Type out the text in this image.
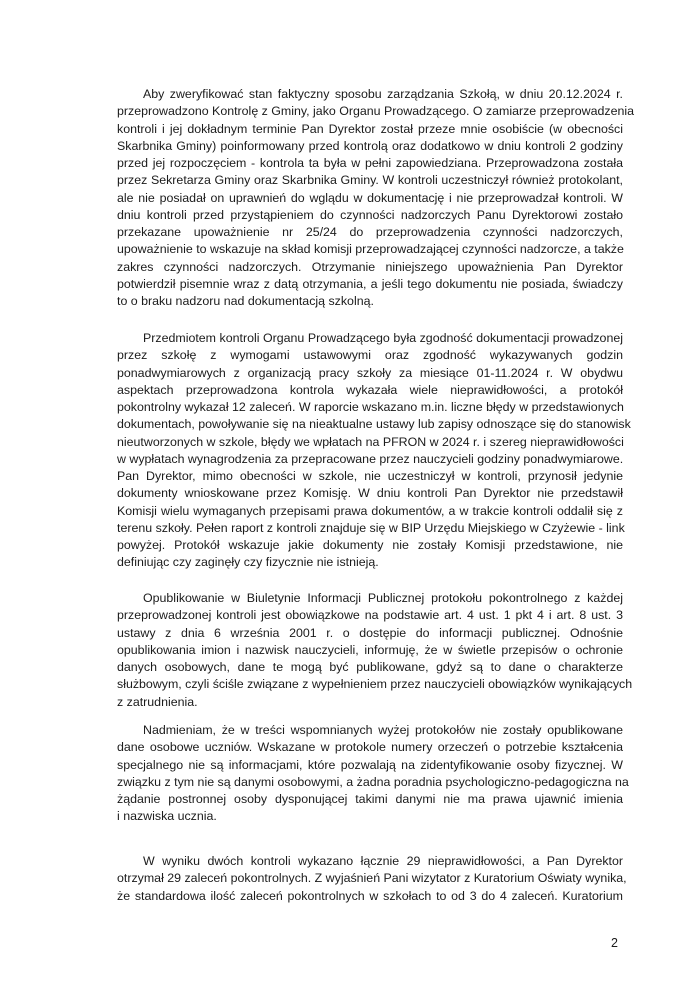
Aby zweryfikować stan faktyczny sposobu zarządzania Szkołą, w dniu 20.12.2024 r.
przeprowadzono Kontrolę z Gminy, jako Organu Prowadzącego. O zamiarze przeprowadzenia
kontroli i jej dokładnym terminie Pan Dyrektor został przeze mnie osobiście (w obecności
Skarbnika Gminy) poinformowany przed kontrolą oraz dodatkowo w dniu kontroli 2 godziny
przed jej rozpoczęciem - kontrola ta była w pełni zapowiedziana. Przeprowadzona została
przez Sekretarza Gminy oraz Skarbnika Gminy. W kontroli uczestniczył również protokolant,
ale nie posiadał on uprawnień do wglądu w dokumentację i nie przeprowadzał kontroli. W
dniu kontroli przed przystąpieniem do czynności nadzorczych Panu Dyrektorowi zostało
przekazane upoważnienie nr 25/24 do przeprowadzenia czynności nadzorczych,
upoważnienie to wskazuje na skład komisji przeprowadzającej czynności nadzorcze, a także
zakres czynności nadzorczych. Otrzymanie niniejszego upoważnienia Pan Dyrektor
potwierdził pisemnie wraz z datą otrzymania, a jeśli tego dokumentu nie posiada, świadczy
to o braku nadzoru nad dokumentacją szkolną.
Przedmiotem kontroli Organu Prowadzącego była zgodność dokumentacji prowadzonej
przez szkołę z wymogami ustawowymi oraz zgodność wykazywanych godzin
ponadwymiarowych z organizacją pracy szkoły za miesiące 01-11.2024 r. W obydwu
aspektach przeprowadzona kontrola wykazała wiele nieprawidłowości, a protokół
pokontrolny wykazał 12 zaleceń. W raporcie wskazano m.in. liczne błędy w przedstawionych
dokumentach, powoływanie się na nieaktualne ustawy lub zapisy odnoszące się do stanowisk
nieutworzonych w szkole, błędy we wpłatach na PFRON w 2024 r. i szereg nieprawidłowości
w wypłatach wynagrodzenia za przepracowane przez nauczycieli godziny ponadwymiarowe.
Pan Dyrektor, mimo obecności w szkole, nie uczestniczył w kontroli, przynosił jedynie
dokumenty wnioskowane przez Komisję. W dniu kontroli Pan Dyrektor nie przedstawił
Komisji wielu wymaganych przepisami prawa dokumentów, a w trakcie kontroli oddalił się z
terenu szkoły. Pełen raport z kontroli znajduje się w BIP Urzędu Miejskiego w Czyżewie - link
powyżej. Protokół wskazuje jakie dokumenty nie zostały Komisji przedstawione, nie
definiując czy zaginęły czy fizycznie nie istnieją.
Opublikowanie w Biuletynie Informacji Publicznej protokołu pokontrolnego z każdej
przeprowadzonej kontroli jest obowiązkowe na podstawie art. 4 ust. 1 pkt 4 i art. 8 ust. 3
ustawy z dnia 6 września 2001 r. o dostępie do informacji publicznej. Odnośnie
opublikowania imion i nazwisk nauczycieli, informuję, że w świetle przepisów o ochronie
danych osobowych, dane te mogą być publikowane, gdyż są to dane o charakterze
służbowym, czyli ściśle związane z wypełnieniem przez nauczycieli obowiązków wynikających
z zatrudnienia.
Nadmieniam, że w treści wspomnianych wyżej protokołów nie zostały opublikowane
dane osobowe uczniów. Wskazane w protokole numery orzeczeń o potrzebie kształcenia
specjalnego nie są informacjami, które pozwalają na zidentyfikowanie osoby fizycznej. W
związku z tym nie są danymi osobowymi, a żadna poradnia psychologiczno-pedagogiczna na
żądanie postronnej osoby dysponującej takimi danymi nie ma prawa ujawnić imienia
i nazwiska ucznia.
W wyniku dwóch kontroli wykazano łącznie 29 nieprawidłowości, a Pan Dyrektor
otrzymał 29 zaleceń pokontrolnych. Z wyjaśnień Pani wizytator z Kuratorium Oświaty wynika,
że standardowa ilość zaleceń pokontrolnych w szkołach to od 3 do 4 zaleceń. Kuratorium
2
